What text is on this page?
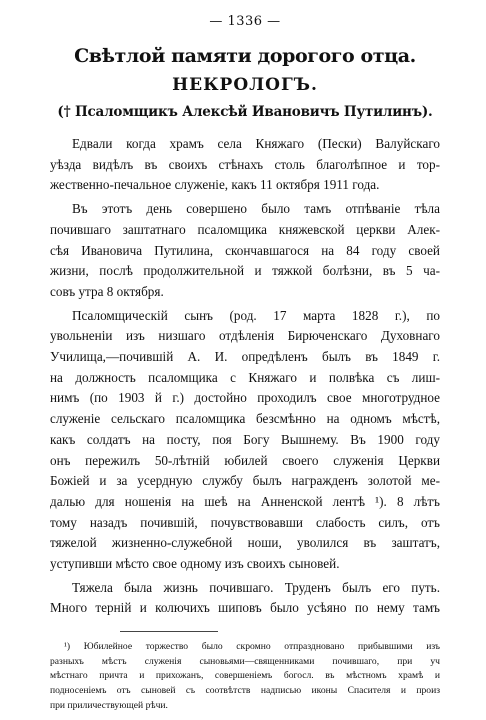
— 1336 —
Свѣтлой памяти дорогого отца.
НЕКРОЛОГЪ.
(† Псаломщикъ Алексѣй Ивановичъ Путилинъ).

Едвали когда храмъ села Княжаго (Пески) Валуйскаго
уѣзда видѣлъ въ своихъ стѣнахъ столь благолѣпное и тор-
жественно-печальное служеніе, какъ 11 октября 1911 года.

Въ этотъ день совершено было тамъ отпѣваніе тѣла
почившаго заштатнаго псаломщика княжевской церкви Алек-
сѣя Ивановича Путилина, скончавшагося на 84 году своей
жизни, послѣ продолжительной и тяжкой болѣзни, въ 5 ча-
совъ утра 8 октября.

Псаломщическій сынъ (род. 17 марта 1828 г.), по
увольненіи изъ низшаго отдѣленія Бирюченскаго Духовнаго
Училища,—почившій А. И. опредѣленъ былъ въ 1849 г.
на должность псаломщика с Княжаго и полвѣка съ лиш-
нимъ (по 1903 й г.) достойно проходилъ свое многотрудное
служеніе сельскаго псаломщика безсмѣнно на одномъ мѣстѣ,
какъ солдатъ на посту, поя Богу Вышнему. Въ 1900 году
онъ пережилъ 50-лѣтній юбилей своего служенія Церкви
Божіей и за усердную службу былъ награжденъ золотой ме-
далью для ношенія на шеѣ на Анненской лентѣ ¹). 8 лѣтъ
тому назадъ почившій, почувствовавши слабость силъ, отъ
тяжелой жизненно-служебной ноши, уволился въ заштатъ,
уступивши мѣсто свое одному изъ своихъ сыновей.

Тяжела была жизнь почившаго. Труденъ былъ его путь.
Много терній и колючихъ шиповъ было усѣяно по нему тамъ

¹) Юбилейное торжество было скромно отпраздновано прибывшими изъ
разныхъ мѣстъ служенія сыновьями—священниками почившаго, при уч
мѣстнаго причта и прихожанъ, совершеніемъ богосл. въ мѣстномъ храмѣ и
подносеніемъ отъ сыновей съ соотвѣтств надписью иконы Спасителя и произ
при приличествующей рѣчи.
